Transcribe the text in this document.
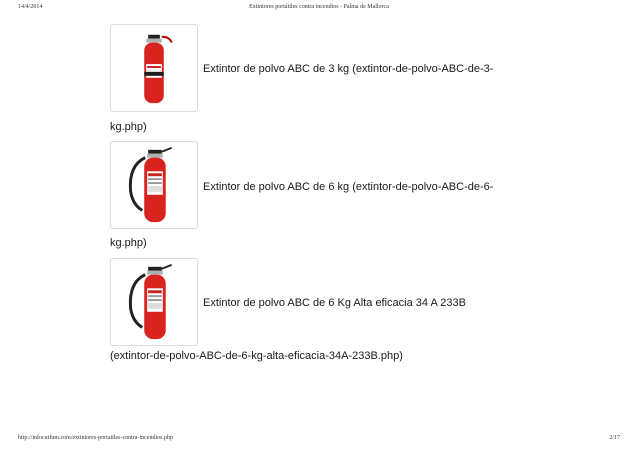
14/4/2014	Extintores portátiles contra incendios - Palma de Mallorca
Extintor de polvo ABC de 3 kg (extintor-de-polvo-ABC-de-3-
kg.php)
Extintor de polvo ABC de 6 kg (extintor-de-polvo-ABC-de-6-
kg.php)
Extintor de polvo ABC de 6 Kg Alta eficacia 34 A 233B
(extintor-de-polvo-ABC-de-6-kg-alta-eficacia-34A-233B.php)
http://infocutfum.com/extintores-portatiles-contra-incendios.php	2/17
